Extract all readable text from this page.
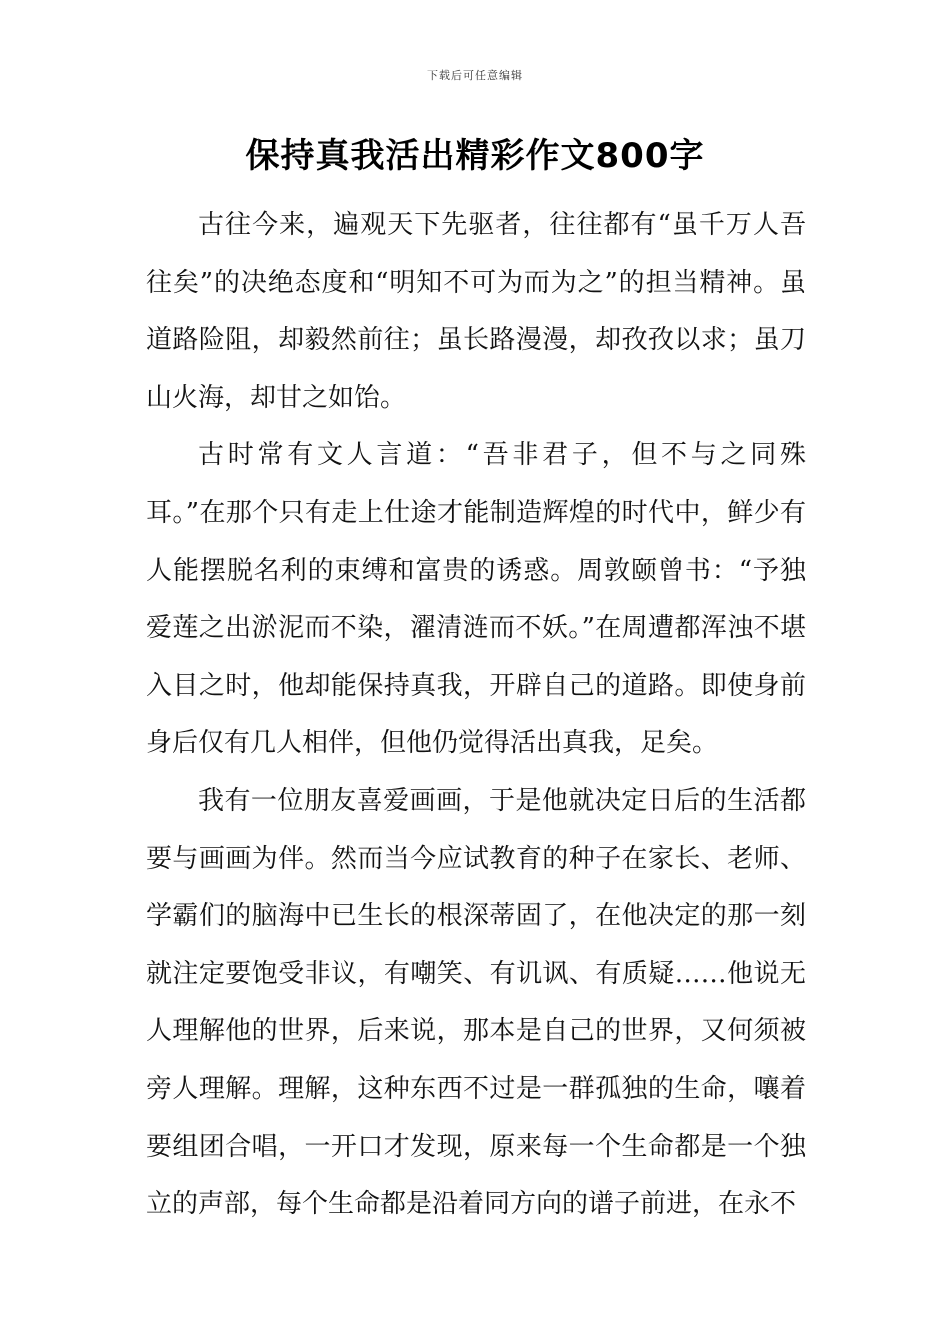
下载后可任意编辑
保持真我活出精彩作文800字

古往今来，遍观天下先驱者，往往都有“虽千万人吾往矣”的决绝态度和“明知不可为而为之”的担当精神。虽道路险阻，却毅然前往；虽长路漫漫，却孜孜以求；虽刀山火海，却甘之如饴。

古时常有文人言道：“吾非君子，但不与之同殊耳。”在那个只有走上仕途才能制造辉煌的时代中，鲜少有人能摆脱名利的束缚和富贵的诱惑。周敦颐曾书：“予独爱莲之出淤泥而不染，濯清涟而不妖。”在周遭都浑浊不堪入目之时，他却能保持真我，开辟自己的道路。即使身前身后仅有几人相伴，但他仍觉得活出真我，足矣。

我有一位朋友喜爱画画，于是他就决定日后的生活都要与画画为伴。然而当今应试教育的种子在家长、老师、学霸们的脑海中已生长的根深蒂固了，在他决定的那一刻就注定要饱受非议，有嘲笑、有讥讽、有质疑……他说无人理解他的世界，后来说，那本是自己的世界，又何须被旁人理解。理解，这种东西不过是一群孤独的生命，嚷着要组团合唱，一开口才发现，原来每一个生命都是一个独立的声部，每个生命都是沿着同方向的谱子前进，在永不
